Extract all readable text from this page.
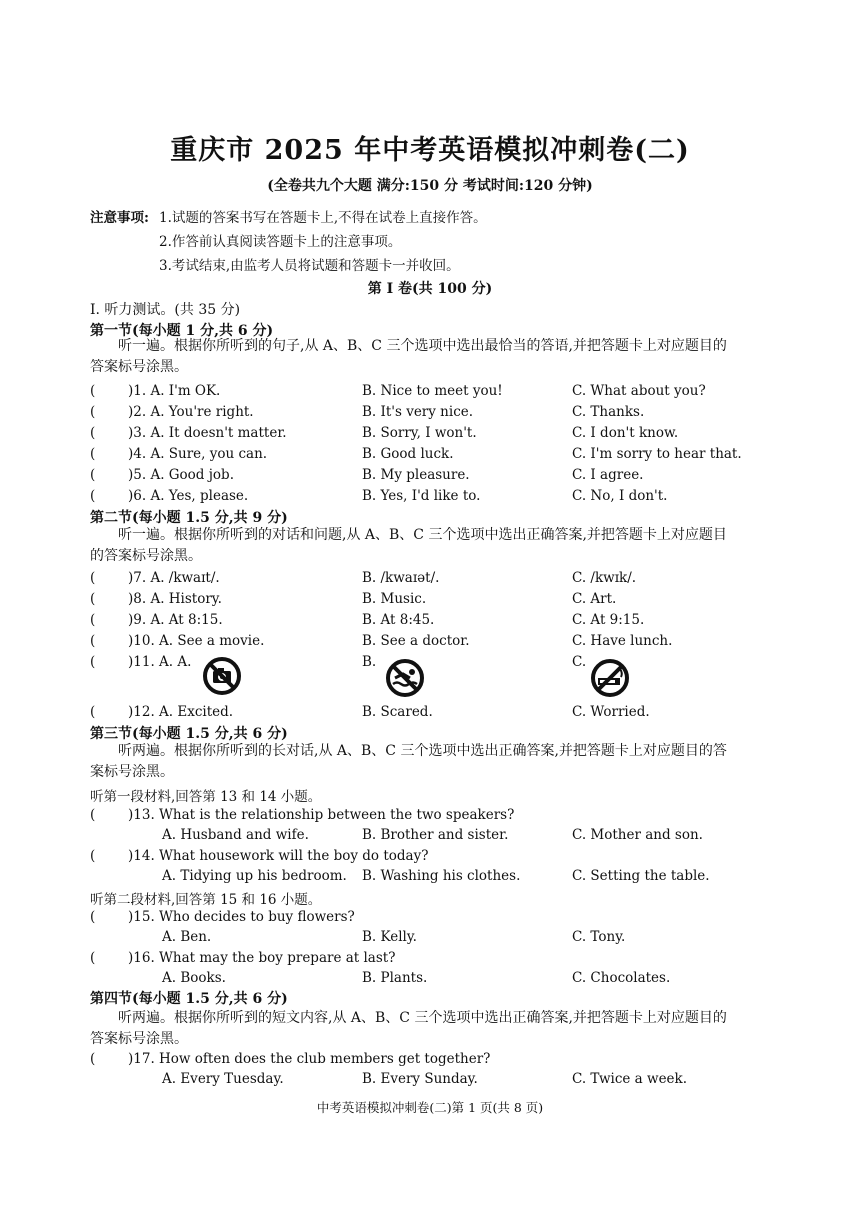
重庆市 2025 年中考英语模拟冲刺卷(二)
(全卷共九个大题 满分:150 分 考试时间:120 分钟)
注意事项: 1.试题的答案书写在答题卡上,不得在试卷上直接作答。
2.作答前认真阅读答题卡上的注意事项。
3.考试结束,由监考人员将试题和答题卡一并收回。
第 Ⅰ 卷(共 100 分)
Ⅰ. 听力测试。(共 35 分)
第一节(每小题 1 分,共 6 分)
听一遍。根据你所听到的句子,从 A、B、C 三个选项中选出最恰当的答语,并把答题卡上对应题目的
答案标号涂黑。
( )1. A. I'm OK.	B. Nice to meet you!	C. What about you?
( )2. A. You're right.	B. It's very nice.	C. Thanks.
( )3. A. It doesn't matter.	B. Sorry, I won't.	C. I don't know.
( )4. A. Sure, you can.	B. Good luck.	C. I'm sorry to hear that.
( )5. A. Good job.	B. My pleasure.	C. I agree.
( )6. A. Yes, please.	B. Yes, I'd like to.	C. No, I don't.
第二节(每小题 1.5 分,共 9 分)
听一遍。根据你所听到的对话和问题,从 A、B、C 三个选项中选出正确答案,并把答题卡上对应题目
的答案标号涂黑。
( )7. A. /kwaɪt/.	B. /kwaɪət/.	C. /kwɪk/.
( )8. A. History.	B. Music.	C. Art.
( )9. A. At 8:15.	B. At 8:45.	C. At 9:15.
( )10. A. See a movie.	B. See a doctor.	C. Have lunch.
( )11. A. A.	B.	C.
( )12. A. Excited.	B. Scared.	C. Worried.
第三节(每小题 1.5 分,共 6 分)
听两遍。根据你所听到的长对话,从 A、B、C 三个选项中选出正确答案,并把答题卡上对应题目的答
案标号涂黑。
听第一段材料,回答第 13 和 14 小题。
( )13. What is the relationship between the two speakers?
A. Husband and wife.	B. Brother and sister.	C. Mother and son.
( )14. What housework will the boy do today?
A. Tidying up his bedroom. B. Washing his clothes.	C. Setting the table.
听第二段材料,回答第 15 和 16 小题。
( )15. Who decides to buy flowers?
A. Ben.	B. Kelly.	C. Tony.
( )16. What may the boy prepare at last?
A. Books.	B. Plants.	C. Chocolates.
第四节(每小题 1.5 分,共 6 分)
听两遍。根据你所听到的短文内容,从 A、B、C 三个选项中选出正确答案,并把答题卡上对应题目的
答案标号涂黑。
( )17. How often does the club members get together?
A. Every Tuesday.	B. Every Sunday.	C. Twice a week.
中考英语模拟冲刺卷(二)第 1 页(共 8 页)
